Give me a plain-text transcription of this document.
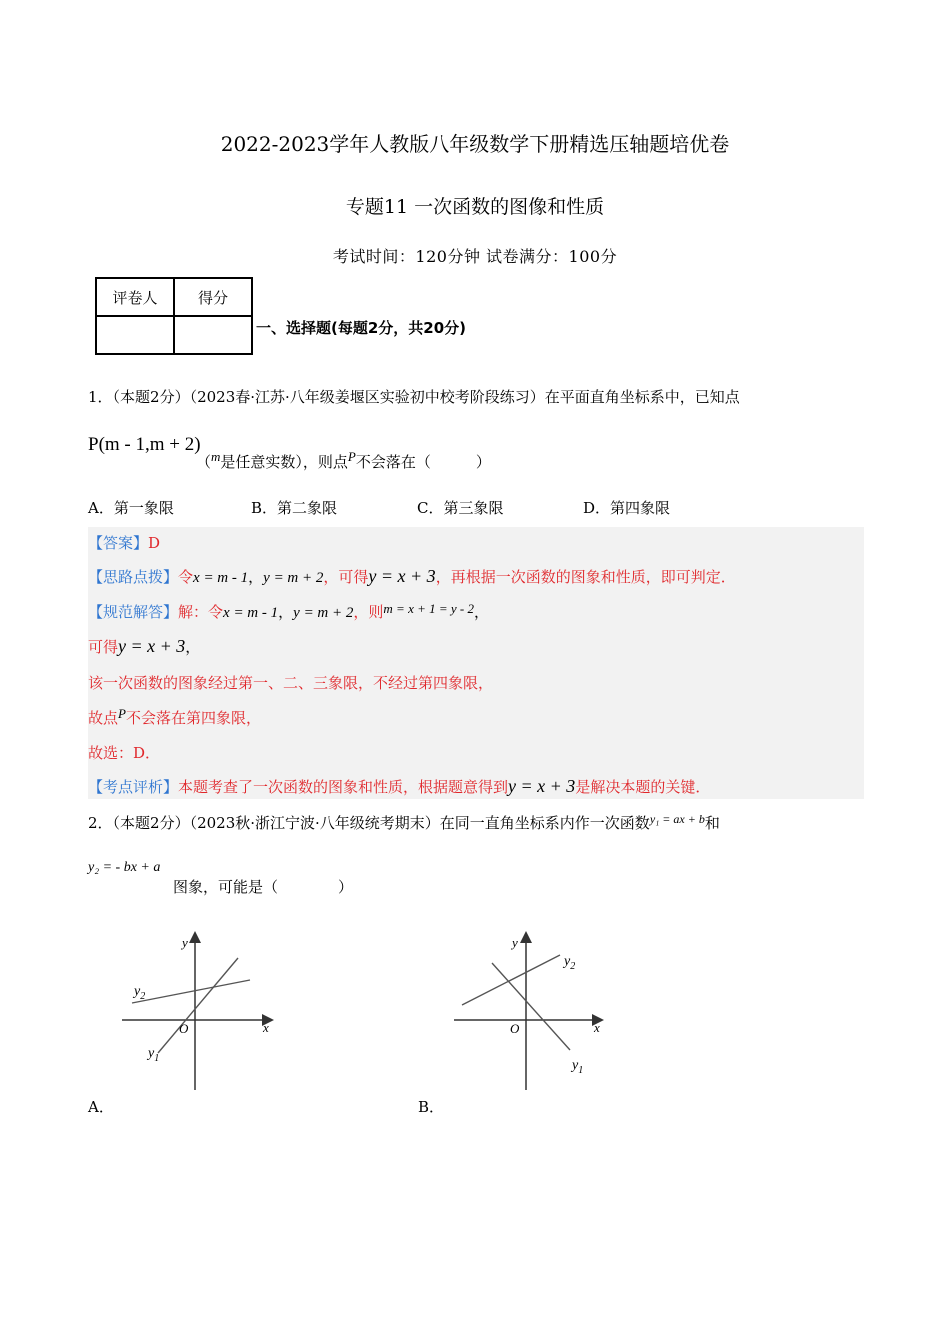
2022-2023学年人教版八年级数学下册精选压轴题培优卷
专题11 一次函数的图像和性质
考试时间：120分钟 试卷满分：100分
评卷人	得分

一、选择题(每题2分，共20分)
1．（本题2分）（2023春·江苏·八年级姜堰区实验初中校考阶段练习）在平面直角坐标系中，已知点
P(m - 1,m + 2)
（m是任意实数），则点P不会落在（　　　）
A．第一象限	B．第二象限	C．第三象限	D．第四象限
【答案】D
【思路点拨】令x = m - 1，y = m + 2，可得y = x + 3，再根据一次函数的图象和性质，即可判定．
【规范解答】解：令x = m - 1，y = m + 2，则m = x + 1 = y - 2，
可得y = x + 3，
该一次函数的图象经过第一、二、三象限，不经过第四象限，
故点P不会落在第四象限，
故选：D．
【考点评析】本题考查了一次函数的图象和性质，根据题意得到y = x + 3是解决本题的关键．
2．（本题2分）（2023秋·浙江宁波·八年级统考期末）在同一直角坐标系内作一次函数$^{y_1 = ax + b}$和
y₂ = - bx + a
图象，可能是（　　　　）
x
y
O
$y_2$
$y_1$
A．
x
y
O
$y_2$
$y_1$
B．
